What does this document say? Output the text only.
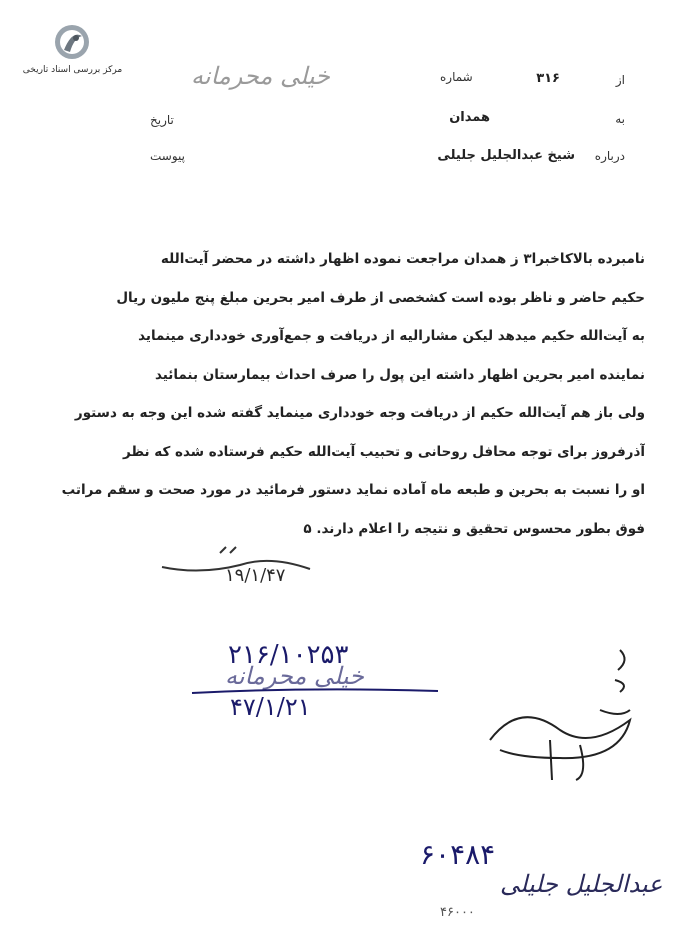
مرکز بررسی اسناد تاریخی
از
۳۱۶
خیلی محرمانه	شماره
به
همدان
تاریخ
درباره
شیخ عبدالجلیل جلیلی
پیوست

نامبرده بالاکاخبرا۳ ز همدان مراجعت نموده اظهار داشته در محضر آیت‌الله

حکیم حاضر و ناظر بوده است کشخصی از طرف امیر بحرین مبلغ پنج ملیون ریال

به آیت‌الله حکیم میدهد لیکن مشارالیه از دریافت و جمع‌آوری خودداری مینماید

نماینده امیر بحرین اظهار داشته این پول را صرف احداث بیمارستان بنمائید

ولی باز هم آیت‌الله حکیم از دریافت وجه خودداری مینماید گفته شده این وجه به دستور

آذرفروز برای توجه محافل روحانی و تحبیب آیت‌الله حکیم فرستاده شده که نظر

او را نسبت به بحرین و طبعه ماه آماده نماید دستور فرمائید در مورد صحت و سقم مراتب

فوق بطور محسوس تحقیق و نتیجه را اعلام دارند. ۵

۱۹/۱/۴۷
۲۱۶/۱۰۲۵۳
خیلی محرمانه
۴۷/۱/۲۱
۶۰۴۸۴
عبدالجلیل جلیلی
۴۶۰۰۰
